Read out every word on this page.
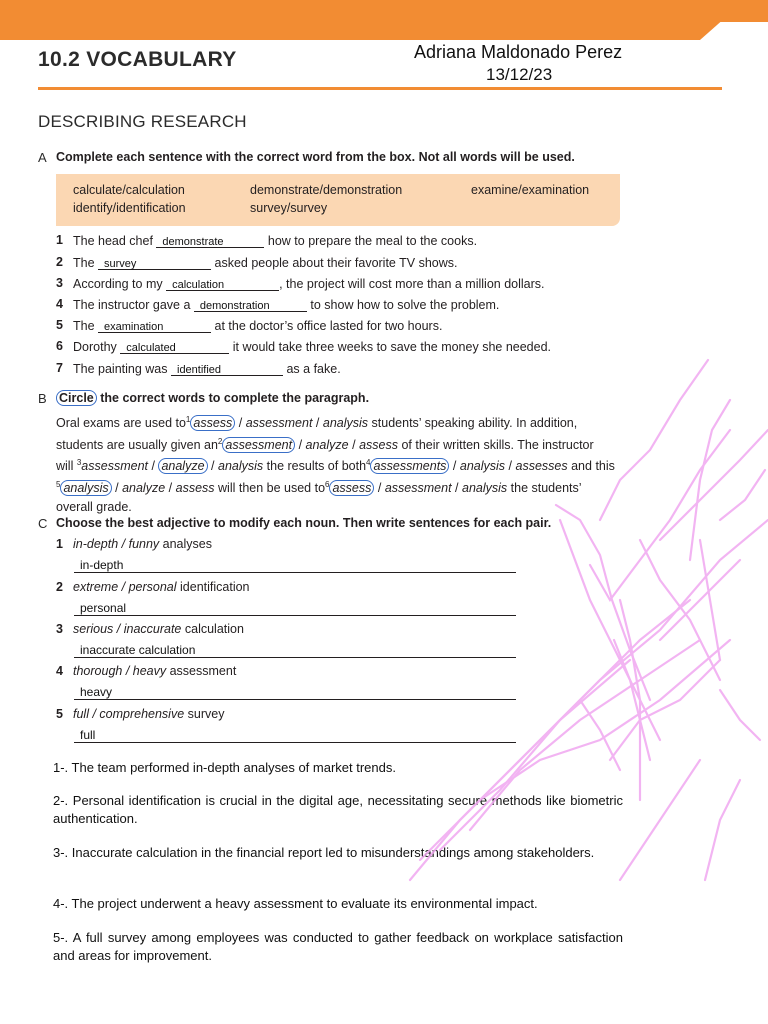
10.2 VOCABULARY	Adriana Maldonado Perez
13/12/23
DESCRIBING RESEARCH
A Complete each sentence with the correct word from the box. Not all words will be used.
calculate/calculation	demonstrate/demonstration	examine/examination
identify/identification	survey/survey
1 The head chef demonstrate	how to prepare the meal to the cooks.
2 The survey	asked people about their favorite TV shows.
3 According to my calculation	, the project will cost more than a million dollars.
4 The instructor gave a demonstration	to show how to solve the problem.
5 The examination	at the doctor’s office lasted for two hours.
6 Dorothy calculated	it would take three weeks to save the money she needed.
7 The painting was identified	as a fake.
B Circle the correct words to complete the paragraph.
Oral exams are used $to^1$ assess / assessment / analysis students’ speaking ability. In addition,
students are usually given $an^2$ assessment / analyze / assess of their written skills. The instructor
will $^3$assessment / analyze / analysis the results of both$^4$ assessments / analysis / assesses and this
$^5$ analysis / analyze / assess will then be used $to^6$ assess / assessment / analysis the students’
overall grade.
C Choose the best adjective to modify each noun. Then write sentences for each pair.
1 in-depth / funny analyses
in-depth
2 extreme / personal identification
personal
3 serious / inaccurate calculation
inaccurate calculation
4 thorough / heavy assessment
heavy
5 full / comprehensive survey
full
1-. The team performed in-depth analyses of market trends.
2-. Personal identification is crucial in the digital age, necessitating secure methods like biometric authentication.
3-. Inaccurate calculation in the financial report led to misunderstandings among stakeholders.
4-. The project underwent a heavy assessment to evaluate its environmental impact.
5-. A full survey among employees was conducted to gather feedback on workplace satisfaction and areas for improvement.
